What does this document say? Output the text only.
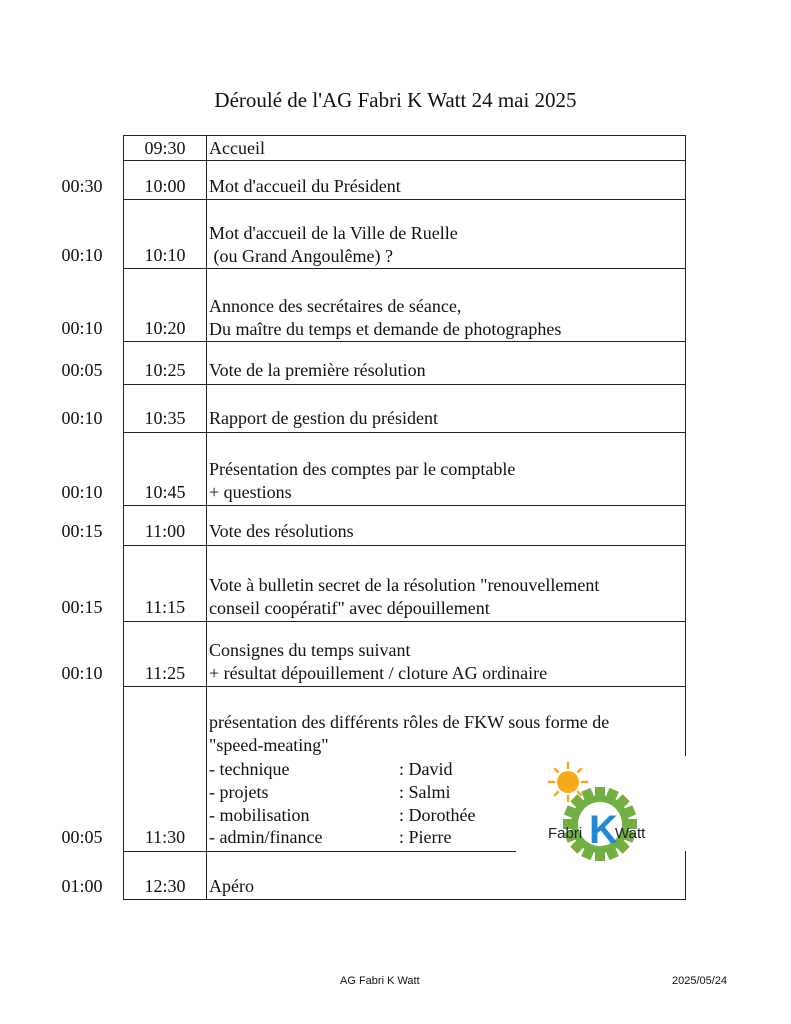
Déroulé de l'AG Fabri K Watt 24 mai 2025
09:30	Accueil
00:30	10:00	Mot d'accueil du Président
00:10	10:10
Mot d'accueil de la Ville de Ruelle
(ou Grand Angoulême) ?
00:10	10:20
Annonce des secrétaires de séance,
Du maître du temps et demande de photographes
00:05	10:25	Vote de la première résolution
00:10	10:35	Rapport de gestion du président
00:10	10:45
Présentation des comptes par le comptable
+ questions
00:15	11:00	Vote des résolutions
00:15	11:15
Vote à bulletin secret de la résolution "renouvellement
conseil coopératif" avec dépouillement
00:10	11:25
Consignes du temps suivant
+ résultat dépouillement / cloture AG ordinaire
00:05	11:30
présentation des différents rôles de FKW sous forme de
"speed-meating"
- technique	: David
- projets	: Salmi
- mobilisation	: Dorothée
- admin/finance	: Pierre	Fabri K
Watt
01:00	12:30	Apéro
AG Fabri K Watt	2025/05/24
